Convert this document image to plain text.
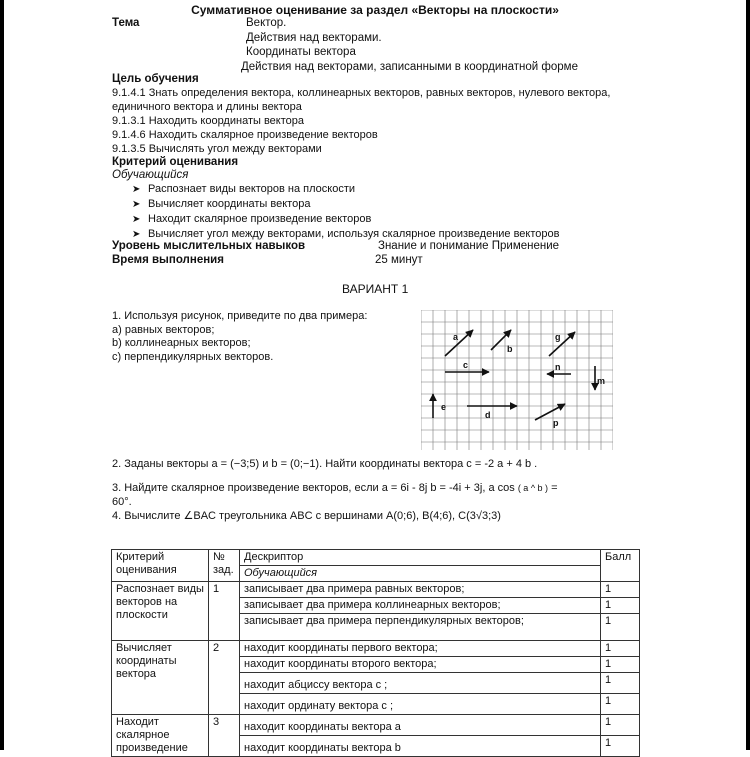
Суммативное оценивание за раздел «Векторы на плоскости»
Тема	Вектор.
Действия над векторами.
Координаты вектора
Действия над векторами, записанными в координатной форме
Цель обучения
9.1.4.1 Знать определения вектора, коллинеарных векторов, равных векторов, нулевого вектора, единичного вектора и длины вектора
9.1.3.1 Находить координаты вектора
9.1.4.6 Находить скалярное произведение векторов
9.1.3.5 Вычислять угол между векторами
Критерий оценивания
Обучающийся
➤ Распознает виды векторов на плоскости
➤ Вычисляет координаты вектора
➤ Находит скалярное произведение векторов
➤ Вычисляет угол между векторами, используя скалярное произведение векторов
Уровень мыслительных навыков	Знание и понимание Применение
Время выполнения	25 минут
ВАРИАНТ 1
1. Используя рисунок, приведите по два примера:
a) равных векторов;
b) коллинеарных векторов;
c) перпендикулярных векторов.
a
b
g
c	n
m
e
d
p
2. Заданы векторы a = (−3;5) и b = (0;−1). Найти координаты вектора c = -2 a + 4 b .
3. Найдите скалярное произведение векторов, если a = 6i - 8j b = -4i + 3j, a cos ( a ^ b ) =
60°.
4. Вычислите ∠BAC треугольника ABC с вершинами A(0;6), B(4;6), C(3√3;3)
Критерий оценивания	№ зад.	Дескриптор	Балл
		Обучающийся	
Распознает виды векторов на плоскости	1	записывает два примера равных векторов;	1
		записывает два примера коллинеарных векторов;	1
		записывает два примера перпендикулярных векторов;	1
Вычисляет координаты вектора	2	находит координаты первого вектора;	1
		находит координаты второго вектора;	1
		находит абциссу вектора c ;	1
		находит ординату вектора c ;	1
Находит скалярное произведение	3	находит координаты вектора a	1
		находит координаты вектора b	1
